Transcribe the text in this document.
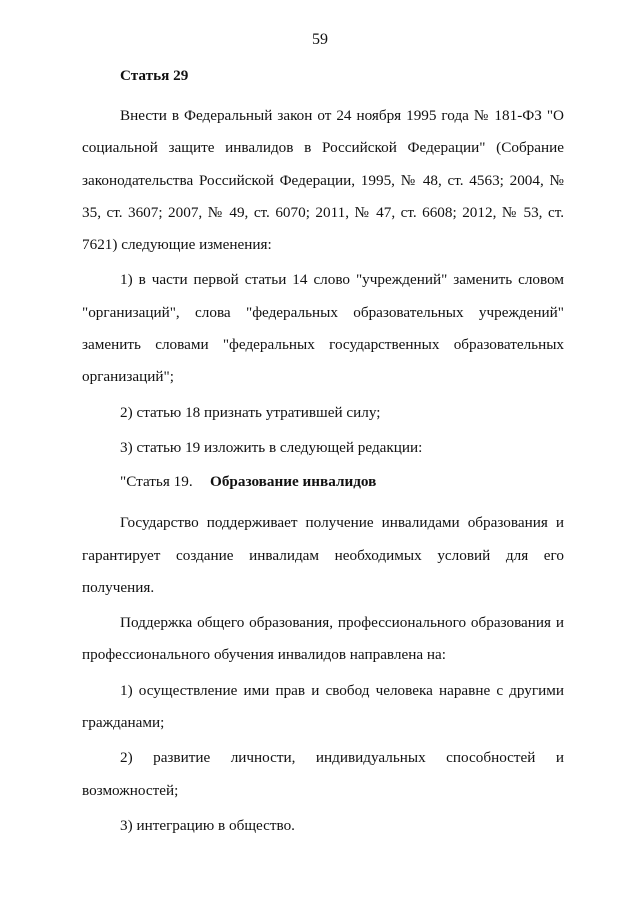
59

Статья 29

Внести в Федеральный закон от 24 ноября 1995 года № 181-ФЗ "О социальной защите инвалидов в Российской Федерации" (Собрание законодательства Российской Федерации, 1995, № 48, ст. 4563; 2004, № 35, ст. 3607; 2007, № 49, ст. 6070; 2011, № 47, ст. 6608; 2012, № 53, ст. 7621) следующие изменения:

1) в части первой статьи 14 слово "учреждений" заменить словом "организаций", слова "федеральных образовательных учреждений" заменить словами "федеральных государственных образовательных организаций";

2) статью 18 признать утратившей силу;

3) статью 19 изложить в следующей редакции:

"Статья 19. Образование инвалидов

Государство поддерживает получение инвалидами образования и гарантирует создание инвалидам необходимых условий для его получения.

Поддержка общего образования, профессионального образования и профессионального обучения инвалидов направлена на:

1) осуществление ими прав и свобод человека наравне с другими гражданами;

2) развитие личности, индивидуальных способностей и возможностей;

3) интеграцию в общество.
